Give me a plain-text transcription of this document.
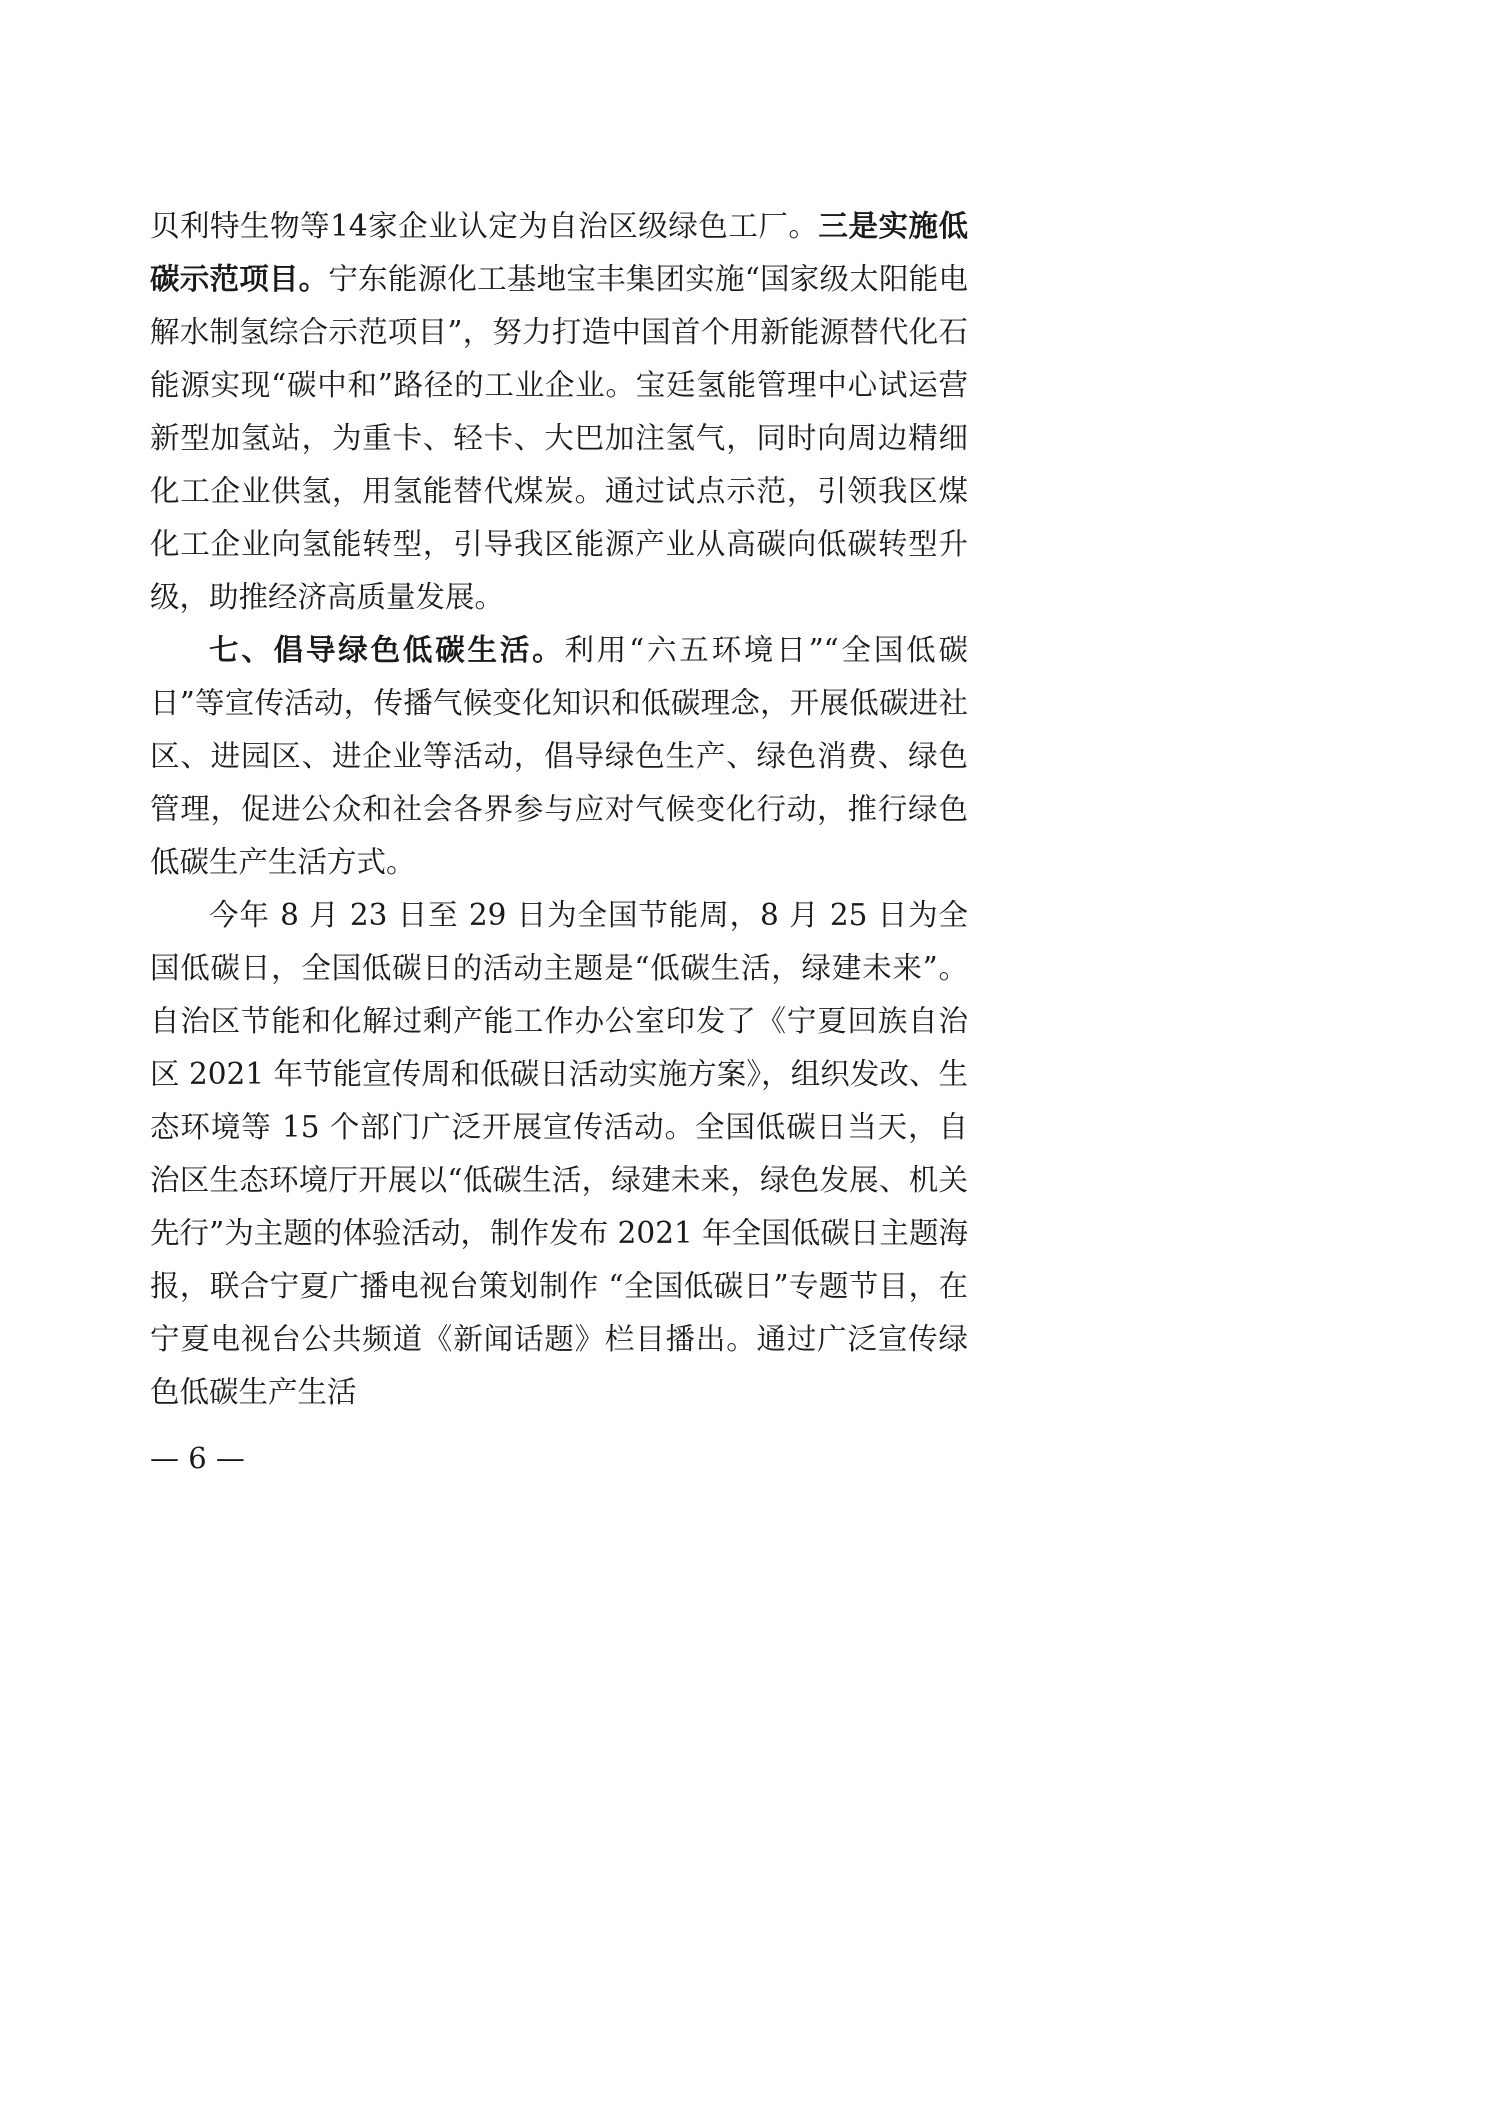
贝利特生物等14家企业认定为自治区级绿色工厂。三是实施低碳示范项目。宁东能源化工基地宝丰集团实施“国家级太阳能电解水制氢综合示范项目”，努力打造中国首个用新能源替代化石能源实现“碳中和”路径的工业企业。宝廷氢能管理中心试运营新型加氢站，为重卡、轻卡、大巴加注氢气，同时向周边精细化工企业供氢，用氢能替代煤炭。通过试点示范，引领我区煤化工企业向氢能转型，引导我区能源产业从高碳向低碳转型升级，助推经济高质量发展。

七、倡导绿色低碳生活。利用“六五环境日”“全国低碳日”等宣传活动，传播气候变化知识和低碳理念，开展低碳进社区、进园区、进企业等活动，倡导绿色生产、绿色消费、绿色管理，促进公众和社会各界参与应对气候变化行动，推行绿色低碳生产生活方式。

今年 8 月 23 日至 29 日为全国节能周，8 月 25 日为全国低碳日，全国低碳日的活动主题是“低碳生活，绿建未来”。自治区节能和化解过剩产能工作办公室印发了《宁夏回族自治区 2021 年节能宣传周和低碳日活动实施方案》，组织发改、生态环境等 15 个部门广泛开展宣传活动。全国低碳日当天，自治区生态环境厅开展以“低碳生活，绿建未来，绿色发展、机关先行”为主题的体验活动，制作发布 2021 年全国低碳日主题海报，联合宁夏广播电视台策划制作 “全国低碳日”专题节目，在宁夏电视台公共频道《新闻话题》栏目播出。通过广泛宣传绿色低碳生产生活

— 6 —
